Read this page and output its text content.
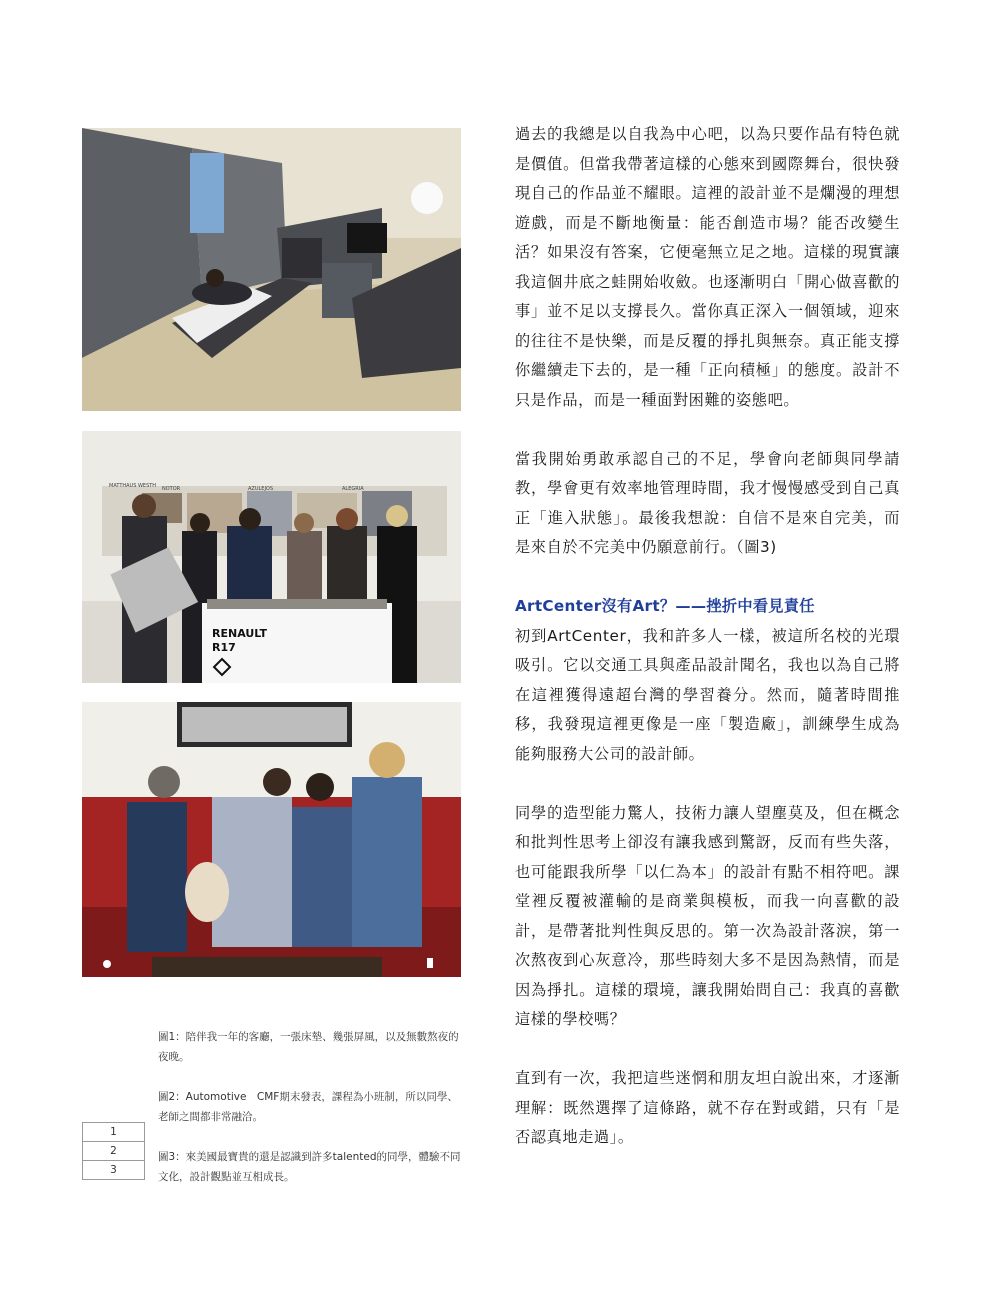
MATTHAUS WESTH NOTOR	AZULEJOS	ALEGRIA
RENAULT
R17
圖1：陪伴我一年的客廳，一張床墊、幾張屏風，以及無數熬夜的夜晚。
圖2：Automotive　CMF期末發表，課程為小班制，所以同學、老師之間都非常融洽。
圖3：來美國最寶貴的還是認識到許多talented的同學，體驗不同文化，設計觀點並互相成長。
1
2
3

過去的我總是以自我為中心吧，以為只要作品有特色就是價值。但當我帶著這樣的心態來到國際舞台，很快發現自己的作品並不耀眼。這裡的設計並不是爛漫的理想遊戲，而是不斷地衡量：能否創造市場？能否改變生活？如果沒有答案，它便毫無立足之地。這樣的現實讓我這個井底之蛙開始收斂。也逐漸明白「開心做喜歡的事」並不足以支撐長久。當你真正深入一個領域，迎來的往往不是快樂，而是反覆的掙扎與無奈。真正能支撐你繼續走下去的，是一種「正向積極」的態度。設計不只是作品，而是一種面對困難的姿態吧。

當我開始勇敢承認自己的不足，學會向老師與同學請教，學會更有效率地管理時間，我才慢慢感受到自己真正「進入狀態」。最後我想說：自信不是來自完美，而是來自於不完美中仍願意前行。（圖3)

ArtCenter沒有Art？——挫折中看見責任

初到ArtCenter，我和許多人一樣，被這所名校的光環吸引。它以交通工具與產品設計聞名，我也以為自己將在這裡獲得遠超台灣的學習養分。然而，隨著時間推移，我發現這裡更像是一座「製造廠」，訓練學生成為能夠服務大公司的設計師。

同學的造型能力驚人，技術力讓人望塵莫及，但在概念和批判性思考上卻沒有讓我感到驚訝，反而有些失落，也可能跟我所學「以仁為本」的設計有點不相符吧。課堂裡反覆被灌輸的是商業與模板，而我一向喜歡的設計，是帶著批判性與反思的。第一次為設計落淚，第一次熬夜到心灰意冷，那些時刻大多不是因為熱情，而是因為掙扎。這樣的環境，讓我開始問自己：我真的喜歡這樣的學校嗎？

直到有一次，我把這些迷惘和朋友坦白說出來，才逐漸理解：既然選擇了這條路，就不存在對或錯，只有「是否認真地走過」。
